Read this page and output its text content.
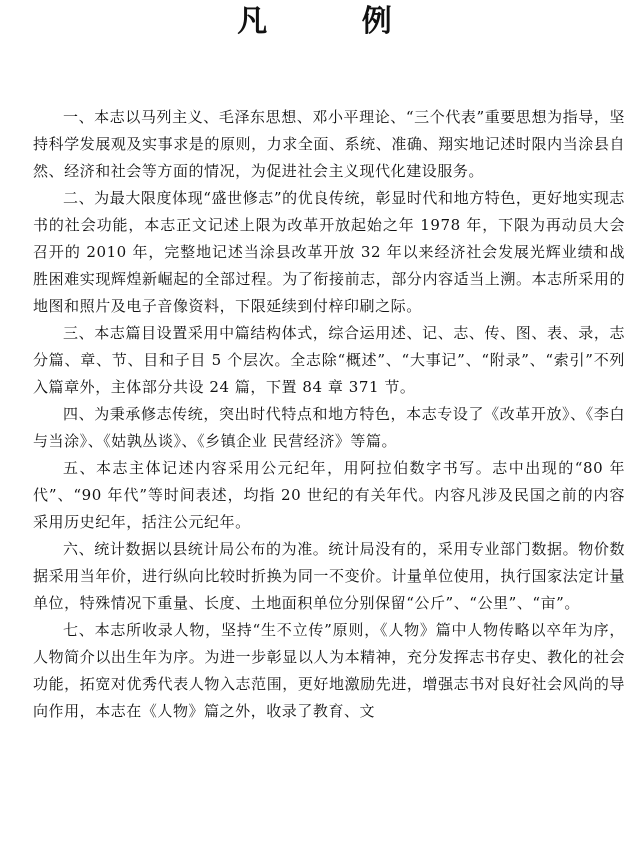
凡 例

一、本志以马列主义、毛泽东思想、邓小平理论、“三个代表”重要思想为指导，坚持科学发展观及实事求是的原则，力求全面、系统、准确、翔实地记述时限内当涂县自然、经济和社会等方面的情况，为促进社会主义现代化建设服务。

二、为最大限度体现“盛世修志”的优良传统，彰显时代和地方特色，更好地实现志书的社会功能，本志正文记述上限为改革开放起始之年 1978 年，下限为再动员大会召开的 2010 年，完整地记述当涂县改革开放 32 年以来经济社会发展光辉业绩和战胜困难实现辉煌新崛起的全部过程。为了衔接前志，部分内容适当上溯。本志所采用的地图和照片及电子音像资料，下限延续到付梓印刷之际。

三、本志篇目设置采用中篇结构体式，综合运用述、记、志、传、图、表、录，志分篇、章、节、目和子目 5 个层次。全志除“概述”、“大事记”、“附录”、“索引”不列入篇章外，主体部分共设 24 篇，下置 84 章 371 节。

四、为秉承修志传统，突出时代特点和地方特色，本志专设了《改革开放》、《李白与当涂》、《姑孰丛谈》、《乡镇企业 民营经济》等篇。

五、本志主体记述内容采用公元纪年，用阿拉伯数字书写。志中出现的“80 年代”、“90 年代”等时间表述，均指 20 世纪的有关年代。内容凡涉及民国之前的内容采用历史纪年，括注公元纪年。

六、统计数据以县统计局公布的为准。统计局没有的，采用专业部门数据。物价数据采用当年价，进行纵向比较时折换为同一不变价。计量单位使用，执行国家法定计量单位，特殊情况下重量、长度、土地面积单位分别保留“公斤”、“公里”、“亩”。

七、本志所收录人物，坚持“生不立传”原则，《人物》篇中人物传略以卒年为序，人物简介以出生年为序。为进一步彰显以人为本精神，充分发挥志书存史、教化的社会功能，拓宽对优秀代表人物入志范围，更好地激励先进，增强志书对良好社会风尚的导向作用，本志在《人物》篇之外，收录了教育、文
